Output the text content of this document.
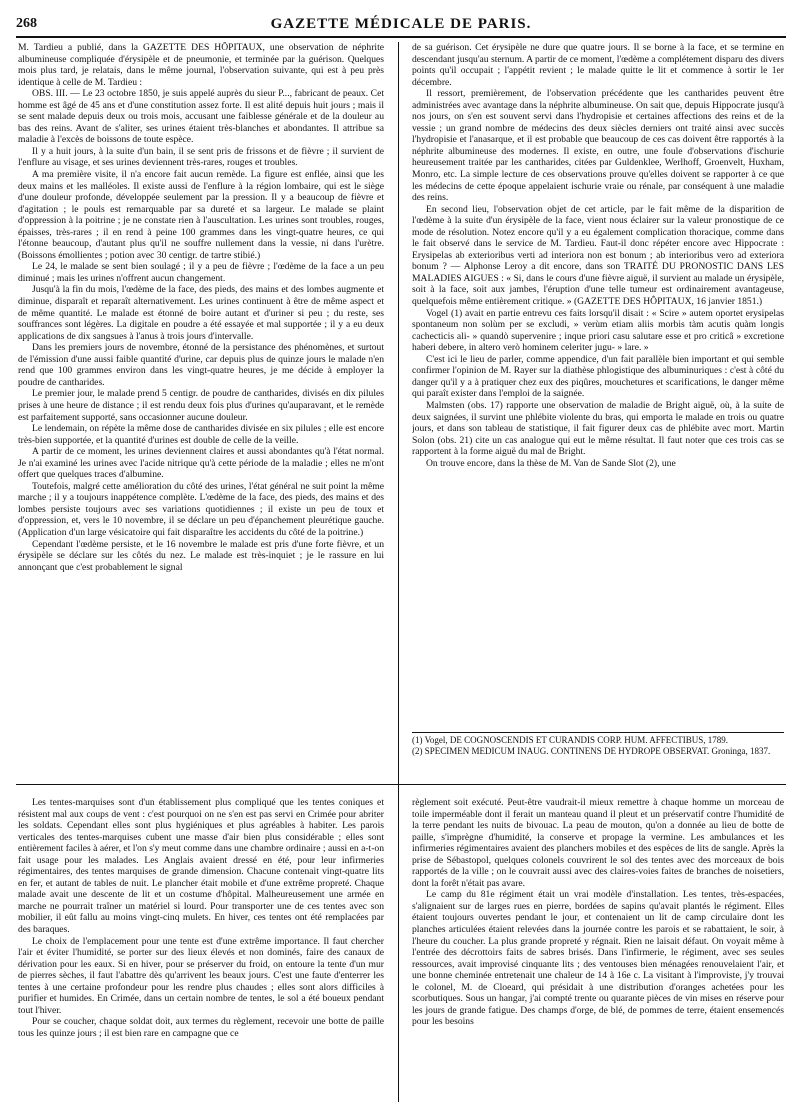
268	GAZETTE MÉDICALE DE PARIS.

M. Tardieu a publié, dans la GAZETTE DES HÔPITAUX, une observation de néphrite albumineuse compliquée d'érysipèle et de pneumonie, et terminée par la guérison. Quelques mois plus tard, je relatais, dans le même journal, l'observation suivante, qui est à peu près identique à celle de M. Tardieu :

OBS. III. — Le 23 octobre 1850, je suis appelé auprès du sieur P..., fabricant de peaux. Cet homme est âgé de 45 ans et d'une constitution assez forte. Il est alité depuis huit jours ; mais il se sent malade depuis deux ou trois mois, accusant une faiblesse générale et de la douleur au bas des reins. Avant de s'aliter, ses urines étaient très-blanches et abondantes. Il attribue sa maladie à l'excès de boissons de toute espèce.

Il y a huit jours, à la suite d'un bain, il se sent pris de frissons et de fièvre ; il survient de l'enflure au visage, et ses urines deviennent très-rares, rouges et troubles.

A ma première visite, il n'a encore fait aucun remède. La figure est enflée, ainsi que les deux mains et les malléoles. Il existe aussi de l'enflure à la région lombaire, qui est le siège d'une douleur profonde, développée seulement par la pression. Il y a beaucoup de fièvre et d'agitation ; le pouls est remarquable par sa dureté et sa largeur. Le malade se plaint d'oppression à la poitrine ; je ne constate rien à l'auscultation. Les urines sont troubles, rouges, épaisses, très-rares ; il en rend à peine 100 grammes dans les vingt-quatre heures, ce qui l'étonne beaucoup, d'autant plus qu'il ne souffre nullement dans la vessie, ni dans l'urètre. (Boissons émollientes ; potion avec 30 centigr. de tartre stibié.)

Le 24, le malade se sent bien soulagé ; il y a peu de fièvre ; l'œdème de la face a un peu diminué ; mais les urines n'offrent aucun changement.

Jusqu'à la fin du mois, l'œdème de la face, des pieds, des mains et des lombes augmente et diminue, disparaît et reparaît alternativement. Les urines continuent à être de même aspect et de même quantité. Le malade est étonné de boire autant et d'uriner si peu ; du reste, ses souffrances sont légères. La digitale en poudre a été essayée et mal supportée ; il y a eu deux applications de dix sangsues à l'anus à trois jours d'intervalle.

Dans les premiers jours de novembre, étonné de la persistance des phénomènes, et surtout de l'émission d'une aussi faible quantité d'urine, car depuis plus de quinze jours le malade n'en rend que 100 grammes environ dans les vingt-quatre heures, je me décide à employer la poudre de cantharides.

Le premier jour, le malade prend 5 centigr. de poudre de cantharides, divisés en dix pilules prises à une heure de distance ; il est rendu deux fois plus d'urines qu'auparavant, et le remède est parfaitement supporté, sans occasionner aucune douleur.

Le lendemain, on répète la même dose de cantharides divisée en six pilules ; elle est encore très-bien supportée, et la quantité d'urines est double de celle de la veille.

A partir de ce moment, les urines deviennent claires et aussi abondantes qu'à l'état normal. Je n'ai examiné les urines avec l'acide nitrique qu'à cette période de la maladie ; elles ne m'ont offert que quelques traces d'albumine.

Toutefois, malgré cette amélioration du côté des urines, l'état général ne suit point la même marche ; il y a toujours inappétence complète. L'œdème de la face, des pieds, des mains et des lombes persiste toujours avec ses variations quotidiennes ; il existe un peu de toux et d'oppression, et, vers le 10 novembre, il se déclare un peu d'épanchement pleurétique gauche. (Application d'un large vésicatoire qui fait disparaître les accidents du côté de la poitrine.)

Cependant l'œdème persiste, et le 16 novembre le malade est pris d'une forte fièvre, et un érysipèle se déclare sur les côtés du nez. Le malade est très-inquiet ; je le rassure en lui annonçant que c'est probablement le signal

de sa guérison. Cet érysipèle ne dure que quatre jours. Il se borne à la face, et se termine en descendant jusqu'au sternum. A partir de ce moment, l'œdème a complétement disparu des divers points qu'il occupait ; l'appétit revient ; le malade quitte le lit et commence à sortir le 1er décembre.

Il ressort, premièrement, de l'observation précédente que les cantharides peuvent être administrées avec avantage dans la néphrite albumineuse. On sait que, depuis Hippocrate jusqu'à nos jours, on s'en est souvent servi dans l'hydropisie et certaines affections des reins et de la vessie ; un grand nombre de médecins des deux siècles derniers ont traité ainsi avec succès l'hydropisie et l'anasarque, et il est probable que beaucoup de ces cas doivent être rapportés à la néphrite albumineuse des modernes. Il existe, en outre, une foule d'observations d'ischurie heureusement traitée par les cantharides, citées par Guldenklee, Werlhoff, Groenvelt, Huxham, Monro, etc. La simple lecture de ces observations prouve qu'elles doivent se rapporter à ce que les médecins de cette époque appelaient ischurie vraie ou rénale, par conséquent à une maladie des reins.

En second lieu, l'observation objet de cet article, par le fait même de la disparition de l'œdème à la suite d'un érysipèle de la face, vient nous éclairer sur la valeur pronostique de ce mode de résolution. Notez encore qu'il y a eu également complication thoracique, comme dans le fait observé dans le service de M. Tardieu. Faut-il donc répéter encore avec Hippocrate : Erysipelas ab exterioribus verti ad interiora non est bonum ; ab interioribus vero ad exteriora bonum ? — Alphonse Leroy a dit encore, dans son TRAITÉ DU PRONOSTIC DANS LES MALADIES AIGUES : « Si, dans le cours d'une fièvre aiguë, il survient au malade un érysipèle, soit à la face, soit aux jambes, l'éruption d'une telle tumeur est ordinairement avantageuse, quelquefois même entièrement critique. » (GAZETTE DES HÔPITAUX, 16 janvier 1851.)

Vogel (1) avait en partie entrevu ces faits lorsqu'il disait : « Scire » autem oportet erysipelas spontaneum non solùm per se excludi, » verùm etiam aliis morbis tàm acutis quàm longis cachecticis ali- » quandò supervenire ; inque priori casu salutare esse et pro criticâ » excretione haberi debere, in altero verò hominem celeriter jugu- » lare. »

C'est ici le lieu de parler, comme appendice, d'un fait parallèle bien important et qui semble confirmer l'opinion de M. Rayer sur la diathèse phlogistique des albuminuriques : c'est à côté du danger qu'il y a à pratiquer chez eux des piqûres, mouchetures et scarifications, le danger même qui paraît exister dans l'emploi de la saignée.

Malmsten (obs. 17) rapporte une observation de maladie de Bright aiguë, où, à la suite de deux saignées, il survint une phlébite violente du bras, qui emporta le malade en trois ou quatre jours, et dans son tableau de statistique, il fait figurer deux cas de phlébite avec mort. Martin Solon (obs. 21) cite un cas analogue qui eut le même résultat. Il faut noter que ces trois cas se rapportent à la forme aiguë du mal de Bright.

On trouve encore, dans la thèse de M. Van de Sande Slot (2), une

(1) Vogel, DE COGNOSCENDIS ET CURANDIS CORP. HUM. AFFECTIBUS, 1789.

(2) SPECIMEN MEDICUM INAUG. CONTINENS DE HYDROPE OBSERVAT. Groninga, 1837.

Les tentes-marquises sont d'un établissement plus compliqué que les tentes coniques et résistent mal aux coups de vent : c'est pourquoi on ne s'en est pas servi en Crimée pour abriter les soldats. Cependant elles sont plus hygiéniques et plus agréables à habiter. Les parois verticales des tentes-marquises cubent une masse d'air bien plus considérable ; elles sont entièrement faciles à aérer, et l'on s'y meut comme dans une chambre ordinaire ; aussi en a-t-on fait usage pour les malades. Les Anglais avaient dressé en été, pour leur infirmeries régimentaires, des tentes marquises de grande dimension. Chacune contenait vingt-quatre lits en fer, et autant de tables de nuit. Le plancher était mobile et d'une extrême propreté. Chaque malade avait une descente de lit et un costume d'hôpital. Malheureusement une armée en marche ne pourrait traîner un matériel si lourd. Pour transporter une de ces tentes avec son mobilier, il eût fallu au moins vingt-cinq mulets. En hiver, ces tentes ont été remplacées par des baraques.

Le choix de l'emplacement pour une tente est d'une extrême importance. Il faut chercher l'air et éviter l'humidité, se porter sur des lieux élevés et non dominés, faire des canaux de dérivation pour les eaux. Si en hiver, pour se préserver du froid, on entoure la tente d'un mur de pierres sèches, il faut l'abattre dès qu'arrivent les beaux jours. C'est une faute d'enterrer les tentes à une certaine profondeur pour les rendre plus chaudes ; elles sont alors difficiles à purifier et humides. En Crimée, dans un certain nombre de tentes, le sol a été boueux pendant tout l'hiver.

Pour se coucher, chaque soldat doit, aux termes du règlement, recevoir une botte de paille tous les quinze jours ; il est bien rare en campagne que ce

règlement soit exécuté. Peut-être vaudrait-il mieux remettre à chaque homme un morceau de toile imperméable dont il ferait un manteau quand il pleut et un préservatif contre l'humidité de la terre pendant les nuits de bivouac. La peau de mouton, qu'on a donnée au lieu de botte de paille, s'imprègne d'humidité, la conserve et propage la vermine. Les ambulances et les infirmeries régimentaires avaient des planchers mobiles et des espèces de lits de sangle. Après la prise de Sébastopol, quelques colonels couvrirent le sol des tentes avec des morceaux de bois rapportés de la ville ; on le couvrait aussi avec des claires-voies faites de branches de noisetiers, dont la forêt n'était pas avare.

Le camp du 81e régiment était un vrai modèle d'installation. Les tentes, très-espacées, s'alignaient sur de larges rues en pierre, bordées de sapins qu'avait plantés le régiment. Elles étaient toujours ouvertes pendant le jour, et contenaient un lit de camp circulaire dont les planches articulées étaient relevées dans la journée contre les parois et se rabattaient, le soir, à l'heure du coucher. La plus grande propreté y régnait. Rien ne laisait défaut. On voyait même à l'entrée des décrottoirs faits de sabres brisés. Dans l'infirmerie, le régiment, avec ses seules ressources, avait improvisé cinquante lits ; des ventouses bien ménagées renouvelaient l'air, et une bonne cheminée entretenait une chaleur de 14 à 16e c. La visitant à l'improviste, j'y trouvai le colonel, M. de Cloeard, qui présidait à une distribution d'oranges achetées pour les scorbutiques. Sous un hangar, j'ai compté trente ou quarante pièces de vin mises en réserve pour les jours de grande fatigue. Des champs d'orge, de blé, de pommes de terre, étaient ensemencés pour les besoins
